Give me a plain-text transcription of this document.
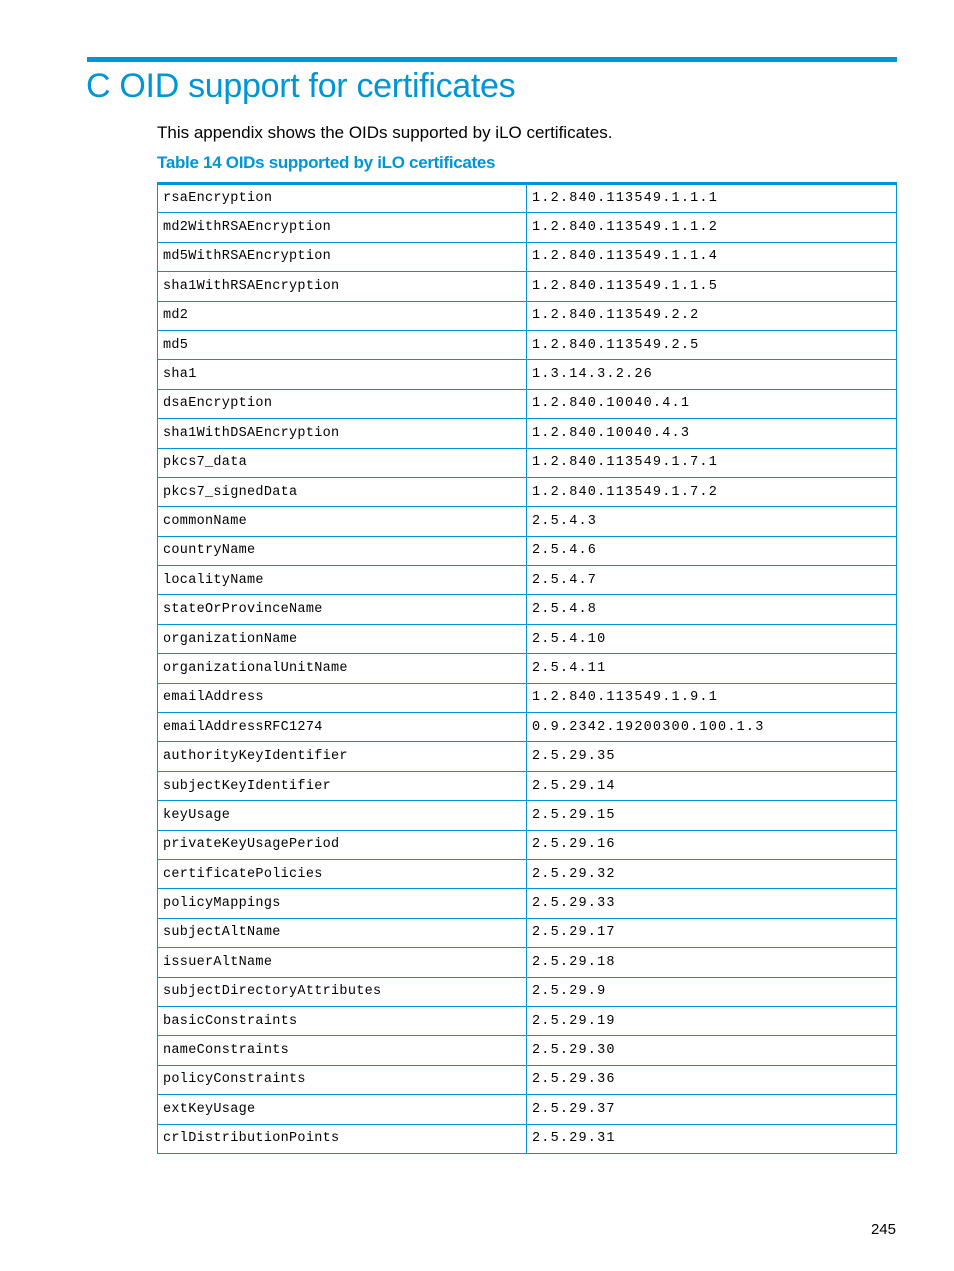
C OID support for certificates

This appendix shows the OIDs supported by iLO certificates.

Table 14 OIDs supported by iLO certificates

rsaEncryption	1.2.840.113549.1.1.1
md2WithRSAEncryption	1.2.840.113549.1.1.2
md5WithRSAEncryption	1.2.840.113549.1.1.4
sha1WithRSAEncryption	1.2.840.113549.1.1.5
md2	1.2.840.113549.2.2
md5	1.2.840.113549.2.5
sha1	1.3.14.3.2.26
dsaEncryption	1.2.840.10040.4.1
sha1WithDSAEncryption	1.2.840.10040.4.3
pkcs7_data	1.2.840.113549.1.7.1
pkcs7_signedData	1.2.840.113549.1.7.2
commonName	2.5.4.3
countryName	2.5.4.6
localityName	2.5.4.7
stateOrProvinceName	2.5.4.8
organizationName	2.5.4.10
organizationalUnitName	2.5.4.11
emailAddress	1.2.840.113549.1.9.1
emailAddressRFC1274	0.9.2342.19200300.100.1.3
authorityKeyIdentifier	2.5.29.35
subjectKeyIdentifier	2.5.29.14
keyUsage	2.5.29.15
privateKeyUsagePeriod	2.5.29.16
certificatePolicies	2.5.29.32
policyMappings	2.5.29.33
subjectAltName	2.5.29.17
issuerAltName	2.5.29.18
subjectDirectoryAttributes	2.5.29.9
basicConstraints	2.5.29.19
nameConstraints	2.5.29.30
policyConstraints	2.5.29.36
extKeyUsage	2.5.29.37
crlDistributionPoints	2.5.29.31
245
